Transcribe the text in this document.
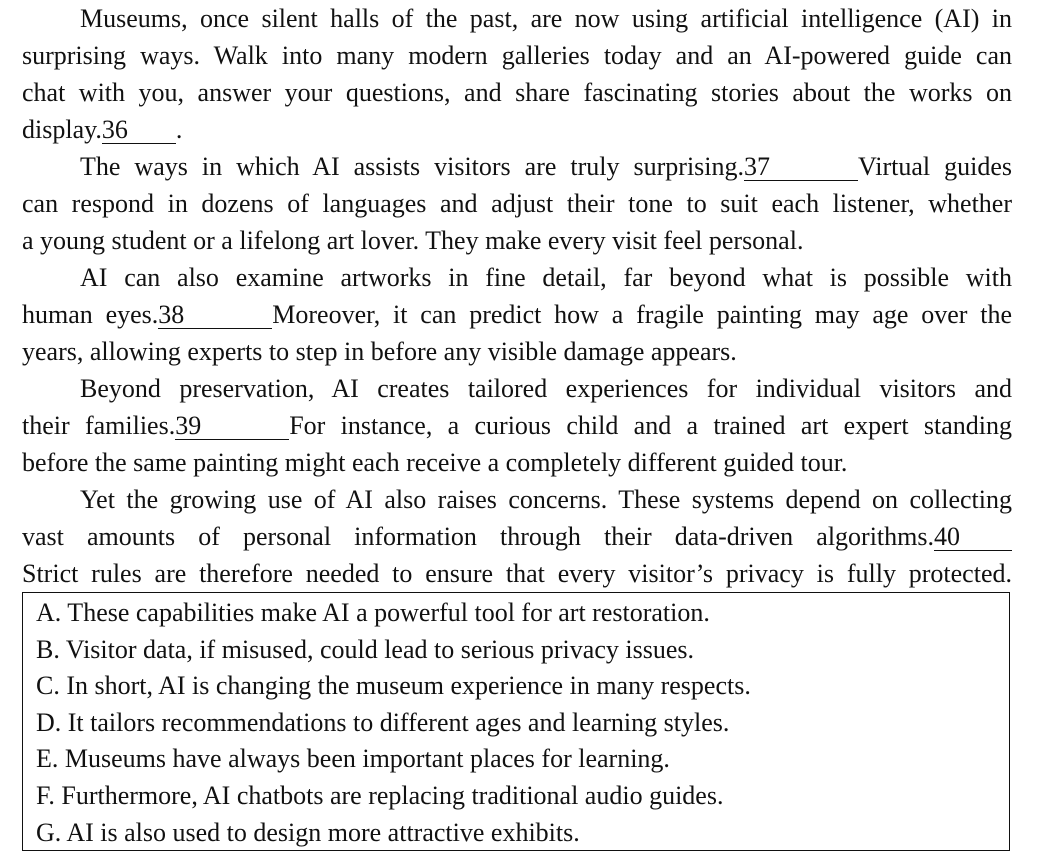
Museums, once silent halls of the past, are now using artificial intelligence (AI) in
surprising ways. Walk into many modern galleries today and an AI-powered guide can
chat with you, answer your questions, and share fascinating stories about the works on
display.36 .
The ways in which AI assists visitors are truly surprising.37	Virtual guides
can respond in dozens of languages and adjust their tone to suit each listener, whether
a young student or a lifelong art lover. They make every visit feel personal.
AI can also examine artworks in fine detail, far beyond what is possible with
human eyes.38	Moreover, it can predict how a fragile painting may age over the
years, allowing experts to step in before any visible damage appears.
Beyond preservation, AI creates tailored experiences for individual visitors and
their families.39	For instance, a curious child and a trained art expert standing
before the same painting might each receive a completely different guided tour.
Yet the growing use of AI also raises concerns. These systems depend on collecting
vast amounts of personal information through their data-driven algorithms.40
Strict rules are therefore needed to ensure that every visitor’s privacy is fully protected.
A. These capabilities make AI a powerful tool for art restoration.
B. Visitor data, if misused, could lead to serious privacy issues.
C. In short, AI is changing the museum experience in many respects.
D. It tailors recommendations to different ages and learning styles.
E. Museums have always been important places for learning.
F. Furthermore, AI chatbots are replacing traditional audio guides.
G. AI is also used to design more attractive exhibits.
